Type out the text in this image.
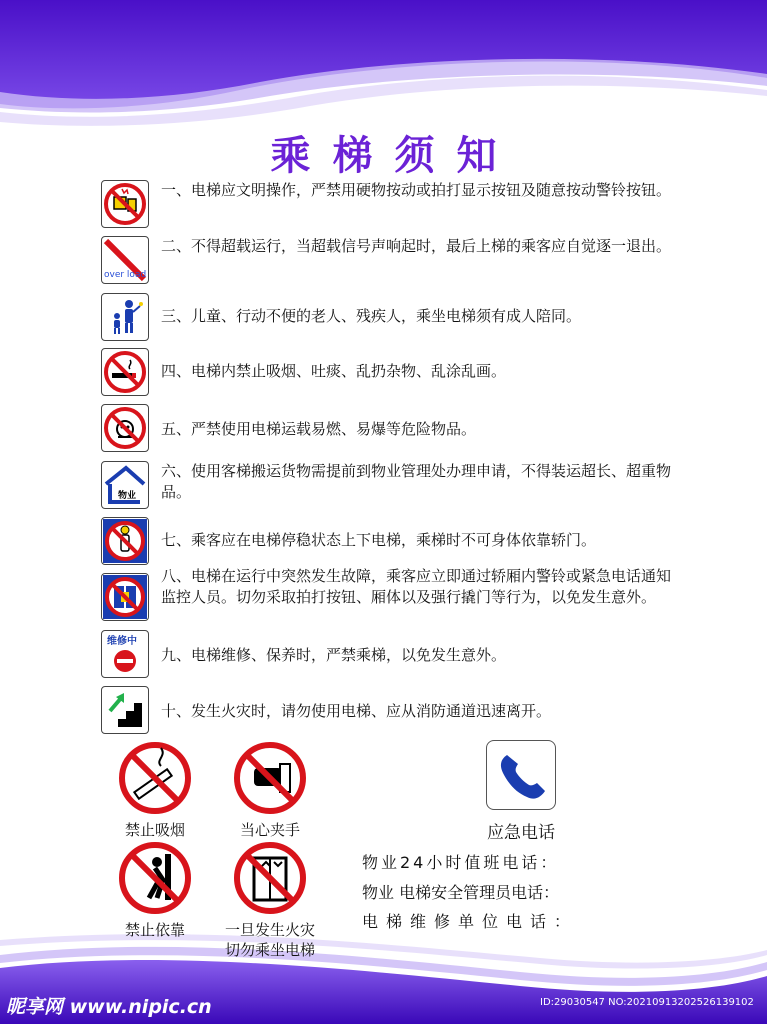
乘梯须知
一、电梯应文明操作，严禁用硬物按动或拍打显示按钮及随意按动警铃按钮。
over load
二、不得超载运行，当超载信号声响起时，最后上梯的乘客应自觉逐一退出。
三、儿童、行动不便的老人、残疾人，乘坐电梯须有成人陪同。
四、电梯内禁止吸烟、吐痰、乱扔杂物、乱涂乱画。
五、严禁使用电梯运载易燃、易爆等危险物品。
物业
六、使用客梯搬运货物需提前到物业管理处办理申请，不得装运超长、超重物品。
七、乘客应在电梯停稳状态上下电梯，乘梯时不可身体依靠轿门。
八、电梯在运行中突然发生故障，乘客应立即通过轿厢内警铃或紧急电话通知监控人员。切勿采取拍打按钮、厢体以及强行撬门等行为，以免发生意外。
维修中
九、电梯维修、保养时，严禁乘梯，以免发生意外。
十、发生火灾时，请勿使用电梯、应从消防通道迅速离开。
禁止吸烟	当心夹手
禁止依靠	一旦发生火灾
切勿乘坐电梯
应急电话
物业24小时值班电话：
物业 电梯安全管理员电话：
电梯维修单位电话：
昵享网 www.nipic.cn	ID:29030547 NO:20210913202526139102
